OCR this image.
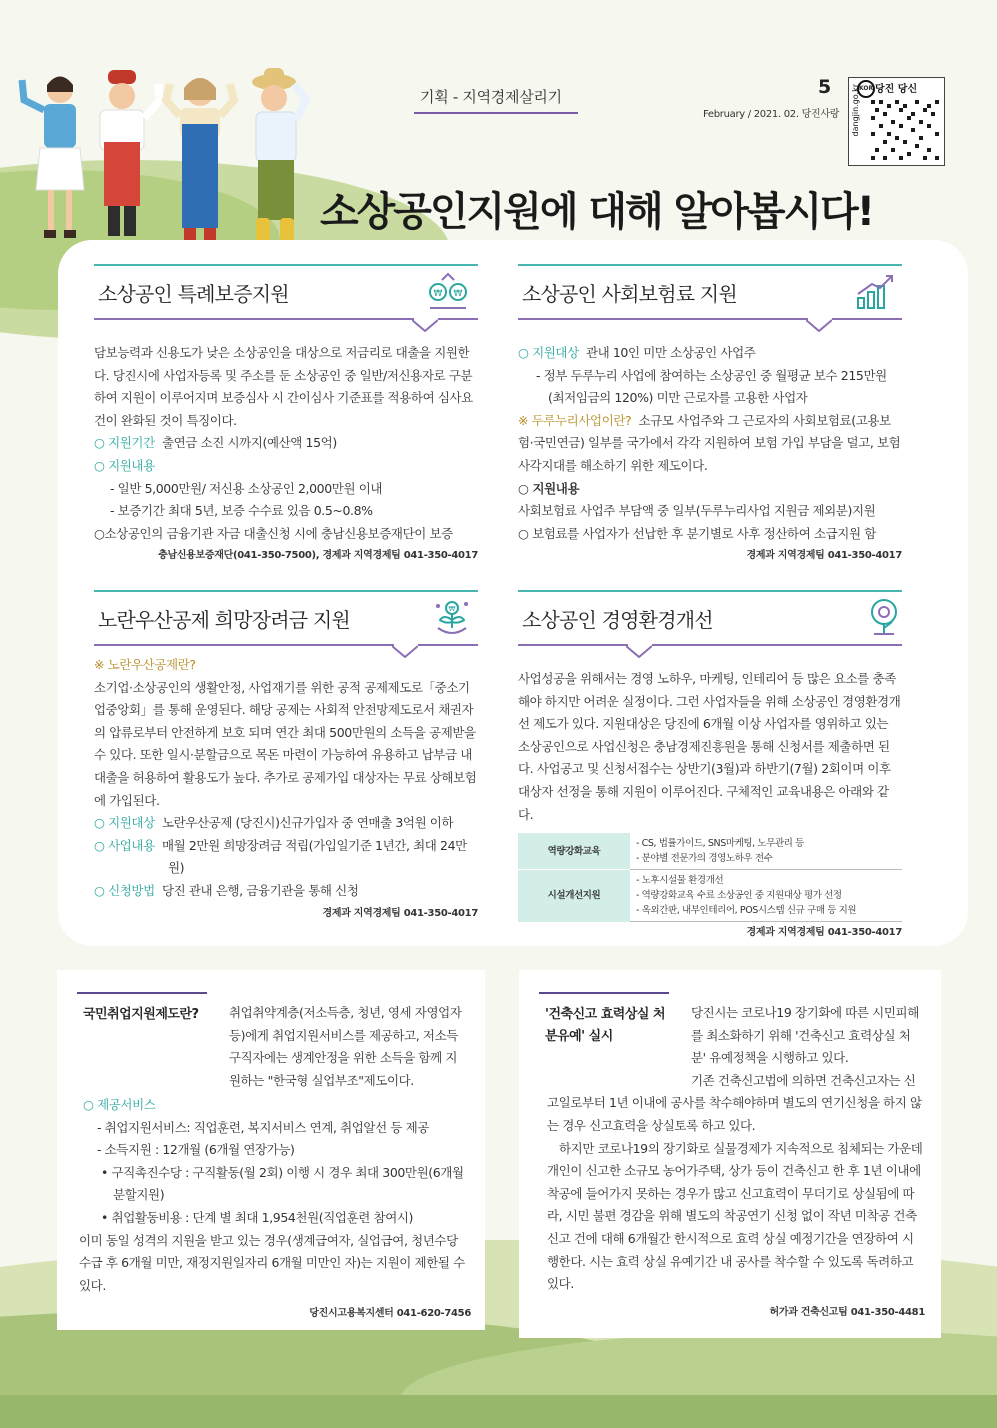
기획 - 지역경제살리기	5
February / 2021. 02. 당진사랑
KOR 당진 당신
dangjin.go.kr
소상공인지원에 대해 알아봅시다!
소상공인 특례보증지원	₩ ₩

담보능력과 신용도가 낮은 소상공인을 대상으로 저금리로 대출을 지원한다. 당진시에 사업자등록 및 주소를 둔 소상공인 중 일반/저신용자로 구분하여 지원이 이루어지며 보증심사 시 간이심사 기준표를 적용하여 심사요건이 완화된 것이 특징이다.

○ 지원기간 출연금 소진 시까지(예산액 15억)

○ 지원내용

- 일반 5,000만원/ 저신용 소상공인 2,000만원 이내

- 보증기간 최대 5년, 보증 수수료 있음 0.5~0.8%

○소상공인의 금융기관 자금 대출신청 시에 충남신용보증재단이 보증

충남신용보증재단(041-350-7500), 경제과 지역경제팀 041-350-4017

소상공인 사회보험료 지원

○ 지원대상 관내 10인 미만 소상공인 사업주

- 정부 두루누리 사업에 참여하는 소상공인 중 월평균 보수 215만원(최저임금의 120%) 미만 근로자를 고용한 사업자

※ 두루누리사업이란? 소규모 사업주와 그 근로자의 사회보험료(고용보험·국민연금) 일부를 국가에서 각각 지원하여 보험 가입 부담을 덜고, 보험 사각지대를 해소하기 위한 제도이다.

○ 지원내용

사회보험료 사업주 부담액 중 일부(두루누리사업 지원금 제외분)지원

○ 보험료를 사업자가 선납한 후 분기별로 사후 정산하여 소급지원 함

경제과 지역경제팀 041-350-4017

노란우산공제 희망장려금 지원	₩

※ 노란우산공제란?

소기업·소상공인의 생활안정, 사업재기를 위한 공적 공제제도로「중소기업중앙회」를 통해 운영된다. 해당 공제는 사회적 안전망제도로서 채권자의 압류로부터 안전하게 보호 되며 연간 최대 500만원의 소득을 공제받을 수 있다. 또한 일시·분할금으로 목돈 마련이 가능하여 유용하고 납부금 내 대출을 허용하여 활용도가 높다. 추가로 공제가입 대상자는 무료 상해보험에 가입된다.

○ 지원대상 노란우산공제 (당진시)신규가입자 중 연매출 3억원 이하

○ 사업내용 매월 2만원 희망장려금 적립(가입일기준 1년간, 최대 24만원)

○ 신청방법 당진 관내 은행, 금융기관을 통해 신청

경제과 지역경제팀 041-350-4017

소상공인 경영환경개선

사업성공을 위해서는 경영 노하우, 마케팅, 인테리어 등 많은 요소를 충족해야 하지만 어려운 실정이다. 그런 사업자들을 위해 소상공인 경영환경개선 제도가 있다. 지원대상은 당진에 6개월 이상 사업자를 영위하고 있는 소상공인으로 사업신청은 충남경제진흥원을 통해 신청서를 제출하면 된다. 사업공고 및 신청서접수는 상반기(3월)과 하반기(7월) 2회이며 이후 대상자 선정을 통해 지원이 이루어진다. 구체적인 교육내용은 아래와 같다.

역량강화교육	- CS, 법률가이드, SNS마케팅, 노무관리 등
- 분야별 전문가의 경영노하우 전수

시설개선지원	- 노후시설물 환경개선
- 역량강화교육 수료 소상공인 중 지원대상 평가 선정
- 옥외간판, 내부인테리어, POS시스템 신규 구매 등 지원

경제과 지역경제팀 041-350-4017

국민취업지원제도란?	취업취약계층(저소득층, 청년, 영세 자영업자 등)에게 취업지원서비스를 제공하고, 저소득 구직자에는 생계안정을 위한 소득을 함께 지원하는 "한국형 실업부조"제도이다.

○ 제공서비스

- 취업지원서비스: 직업훈련, 복지서비스 연계, 취업알선 등 제공

- 소득지원 : 12개월 (6개월 연장가능)

• 구직촉진수당 : 구직활동(월 2회) 이행 시 경우 최대 300만원(6개월 분할지원)

• 취업활동비용 : 단계 별 최대 1,954천원(직업훈련 참여시)

이미 동일 성격의 지원을 받고 있는 경우(생계급여자, 실업급여, 청년수당 수급 후 6개월 미만, 재정지원일자리 6개월 미만인 자)는 지원이 제한될 수 있다.

당진시고용복지센터 041-620-7456

'건축신고 효력상실 처분유예' 실시

당진시는 코로나19 장기화에 따른 시민피해를 최소화하기 위해 '건축신고 효력상실 처분' 유예정책을 시행하고 있다.

기존 건축신고법에 의하면 건축신고자는 신고일로부터 1년 이내에 공사를 착수해야하며 별도의 연기신청을 하지 않는 경우 신고효력을 상실토록 하고 있다.

하지만 코로나19의 장기화로 실물경제가 지속적으로 침체되는 가운데 개인이 신고한 소규모 농어가주택, 상가 등이 건축신고 한 후 1년 이내에 착공에 들어가지 못하는 경우가 많고 신고효력이 무더기로 상실됨에 따라, 시민 불편 경감을 위해 별도의 착공연기 신청 없이 작년 미착공 건축신고 건에 대해 6개월간 한시적으로 효력 상실 예정기간을 연장하여 시행한다. 시는 효력 상실 유예기간 내 공사를 착수할 수 있도록 독려하고 있다.

허가과 건축신고팀 041-350-4481
